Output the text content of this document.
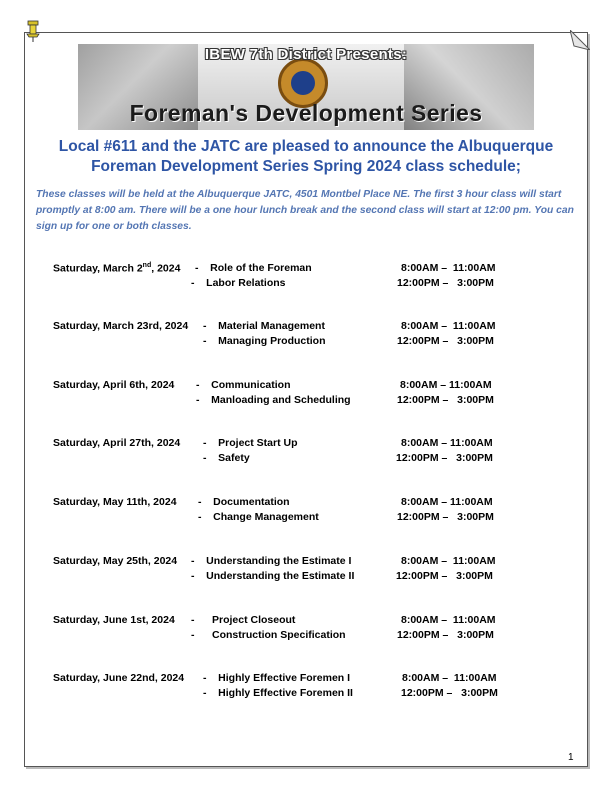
IBEW 7th District Presents:
Foreman's Development Series
Local #611 and the JATC are pleased to announce the Albuquerque
Foreman Development Series Spring 2024 class schedule;
These classes will be held at the Albuquerque JATC, 4501 Montbel Place NE. The first 3 hour class will start promptly at 8:00 am. There will be a one hour lunch break and the second class will start at 12:00 pm. You can sign up for one or both classes.
Saturday, March 2nd, 2024 -    Role of the Foreman	8:00AM –  11:00AM
-    Labor Relations	12:00PM –   3:00PM
Saturday, March 23rd, 2024 -    Material Management	8:00AM –  11:00AM
-    Managing Production	12:00PM –   3:00PM
Saturday, April 6th, 2024 -    Communication	8:00AM – 11:00AM
-    Manloading and Scheduling	12:00PM –   3:00PM
Saturday, April 27th, 2024 -    Project Start Up	8:00AM – 11:00AM
-    Safety	12:00PM –   3:00PM
Saturday, May 11th, 2024 -    Documentation	8:00AM – 11:00AM
-    Change Management	12:00PM –   3:00PM
Saturday, May 25th, 2024 -    Understanding the Estimate I	8:00AM –  11:00AM
-    Understanding the Estimate II	12:00PM –   3:00PM
Saturday, June 1st, 2024 -      Project Closeout	8:00AM –  11:00AM
-      Construction Specification	12:00PM –   3:00PM
Saturday, June 22nd, 2024 -    Highly Effective Foremen I	8:00AM –  11:00AM
-    Highly Effective Foremen II	12:00PM –   3:00PM
1
